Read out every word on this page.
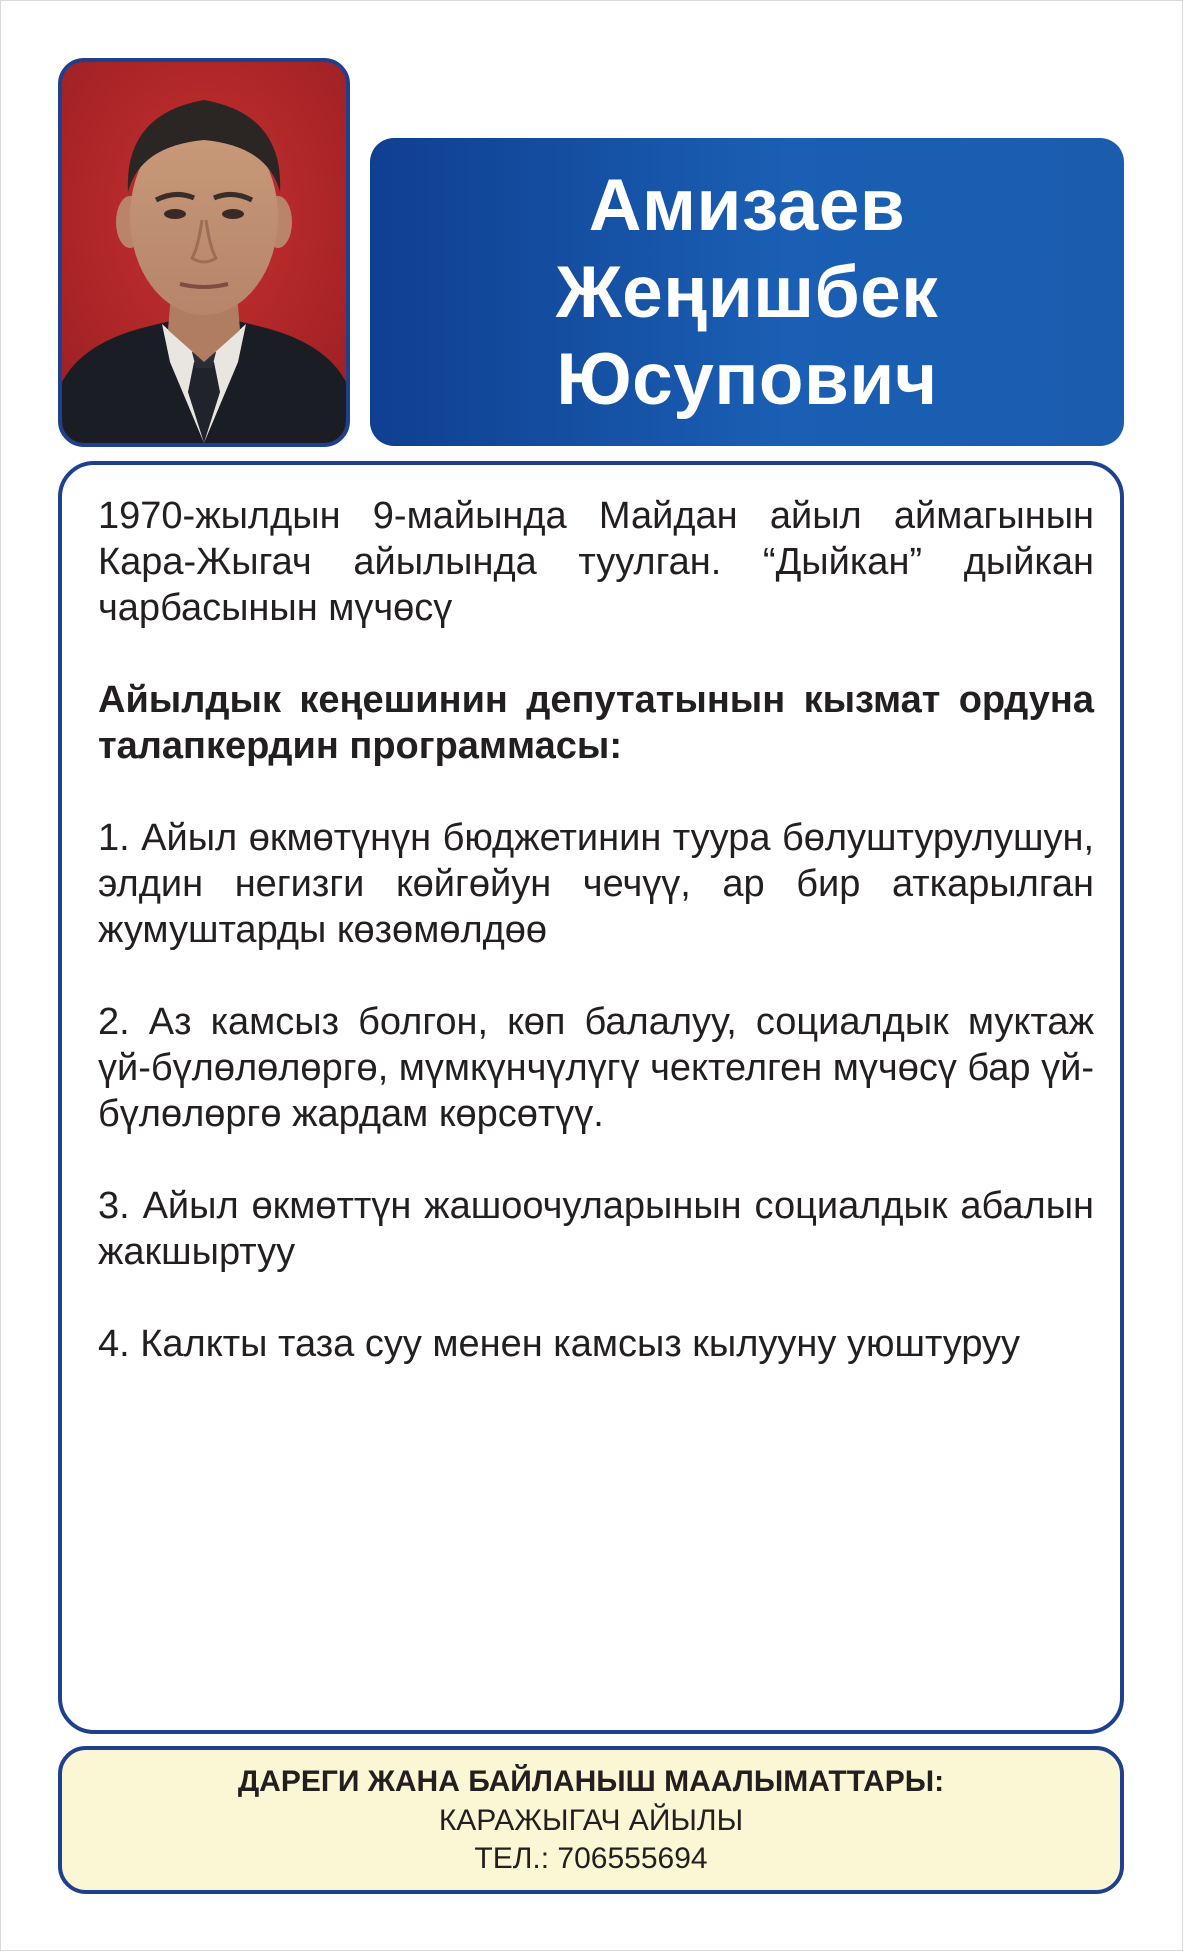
Амизаев
Жеңишбек
Юсупович

1970-жылдын 9-майында Майдан айыл аймагынын Кара-Жыгач айылында туулган. “Дыйкан” дыйкан чарбасынын мүчөсү

Айылдык кеңешинин депутатынын кызмат ордуна талапкердин программасы:

1. Айыл өкмөтүнүн бюджетинин туура бөлуштурулушун, элдин негизги көйгөйун чечүү, ар бир аткарылган жумуштарды көзөмөлдөө

2. Аз камсыз болгон, көп балалуу, социалдык муктаж үй-бүлөлөлөргө, мүмкүнчүлүгү чектелген мүчөсү бар үй-бүлөлөргө жардам көрсөтүү.

3. Айыл өкмөттүн жашоочуларынын социалдык абалын жакшыртуу

4. Калкты таза суу менен камсыз кылууну уюштуруу

ДАРЕГИ ЖАНА БАЙЛАНЫШ МААЛЫМАТТАРЫ:
КАРАЖЫГАЧ АЙЫЛЫ
ТЕЛ.: 706555694
